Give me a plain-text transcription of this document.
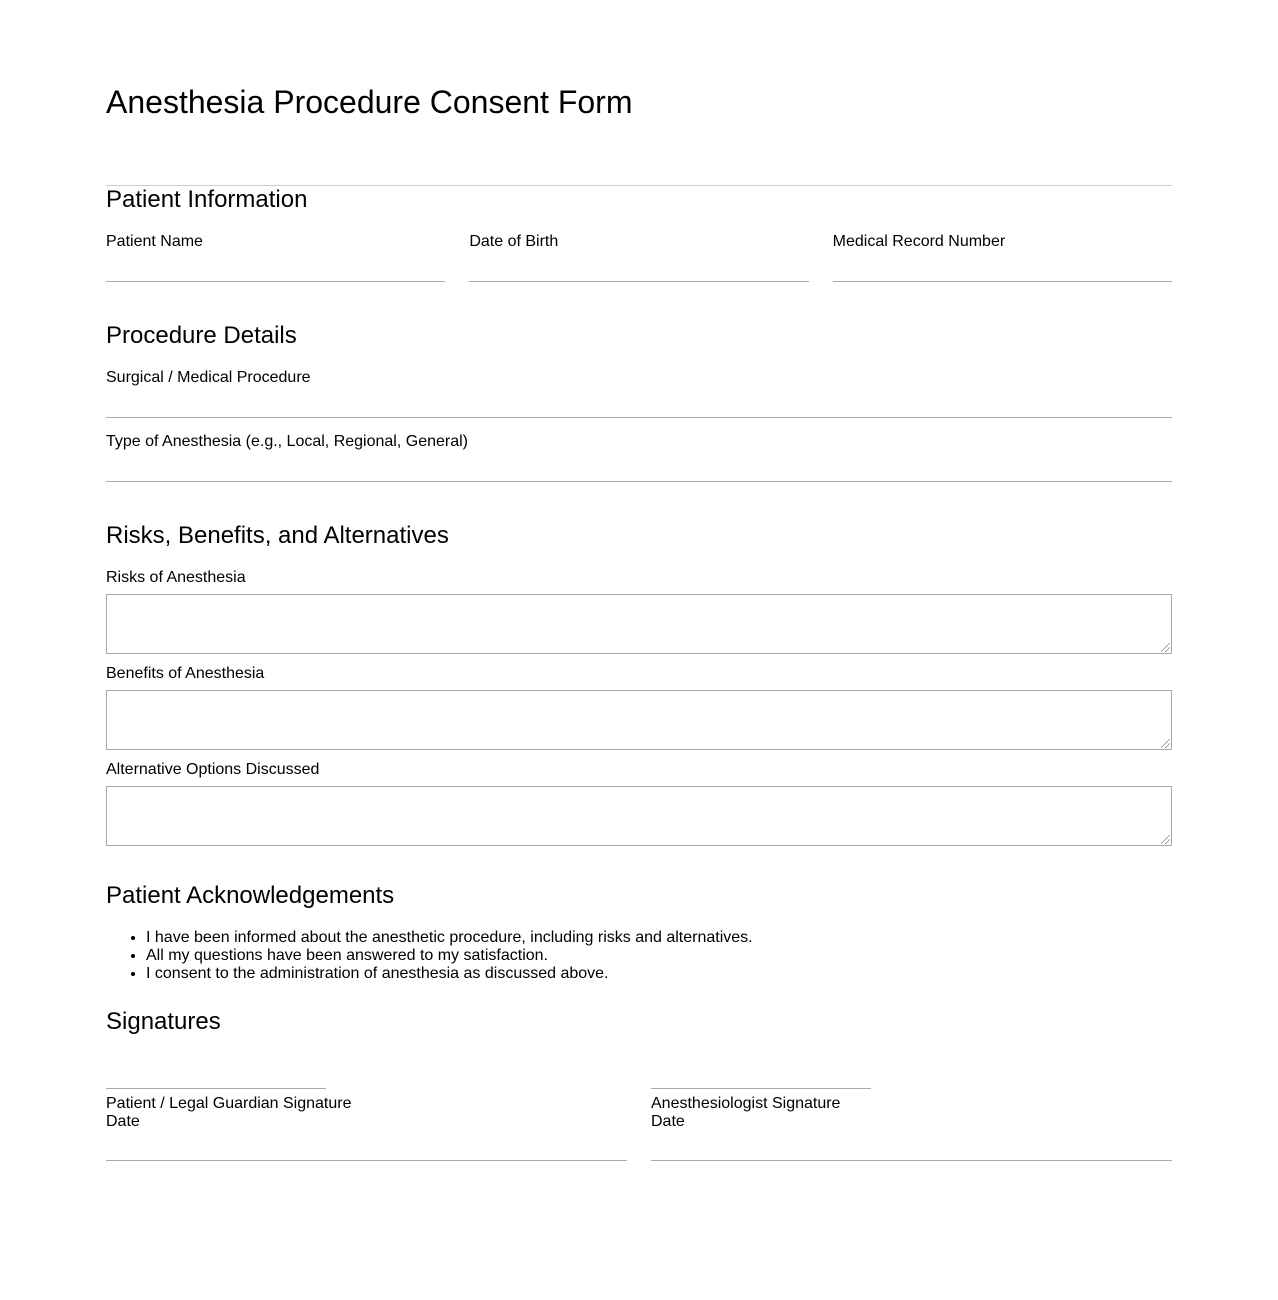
Anesthesia Procedure Consent Form
Patient Information
Patient Name	Date of Birth	Medical Record Number
Procedure Details
Surgical / Medical Procedure
Type of Anesthesia (e.g., Local, Regional, General)
Risks, Benefits, and Alternatives
Risks of Anesthesia
Benefits of Anesthesia
Alternative Options Discussed
Patient Acknowledgements
• I have been informed about the anesthetic procedure, including risks and alternatives.
• All my questions have been answered to my satisfaction.
• I consent to the administration of anesthesia as discussed above.
Signatures
Patient / Legal Guardian Signature
Date
Anesthesiologist Signature
Date
